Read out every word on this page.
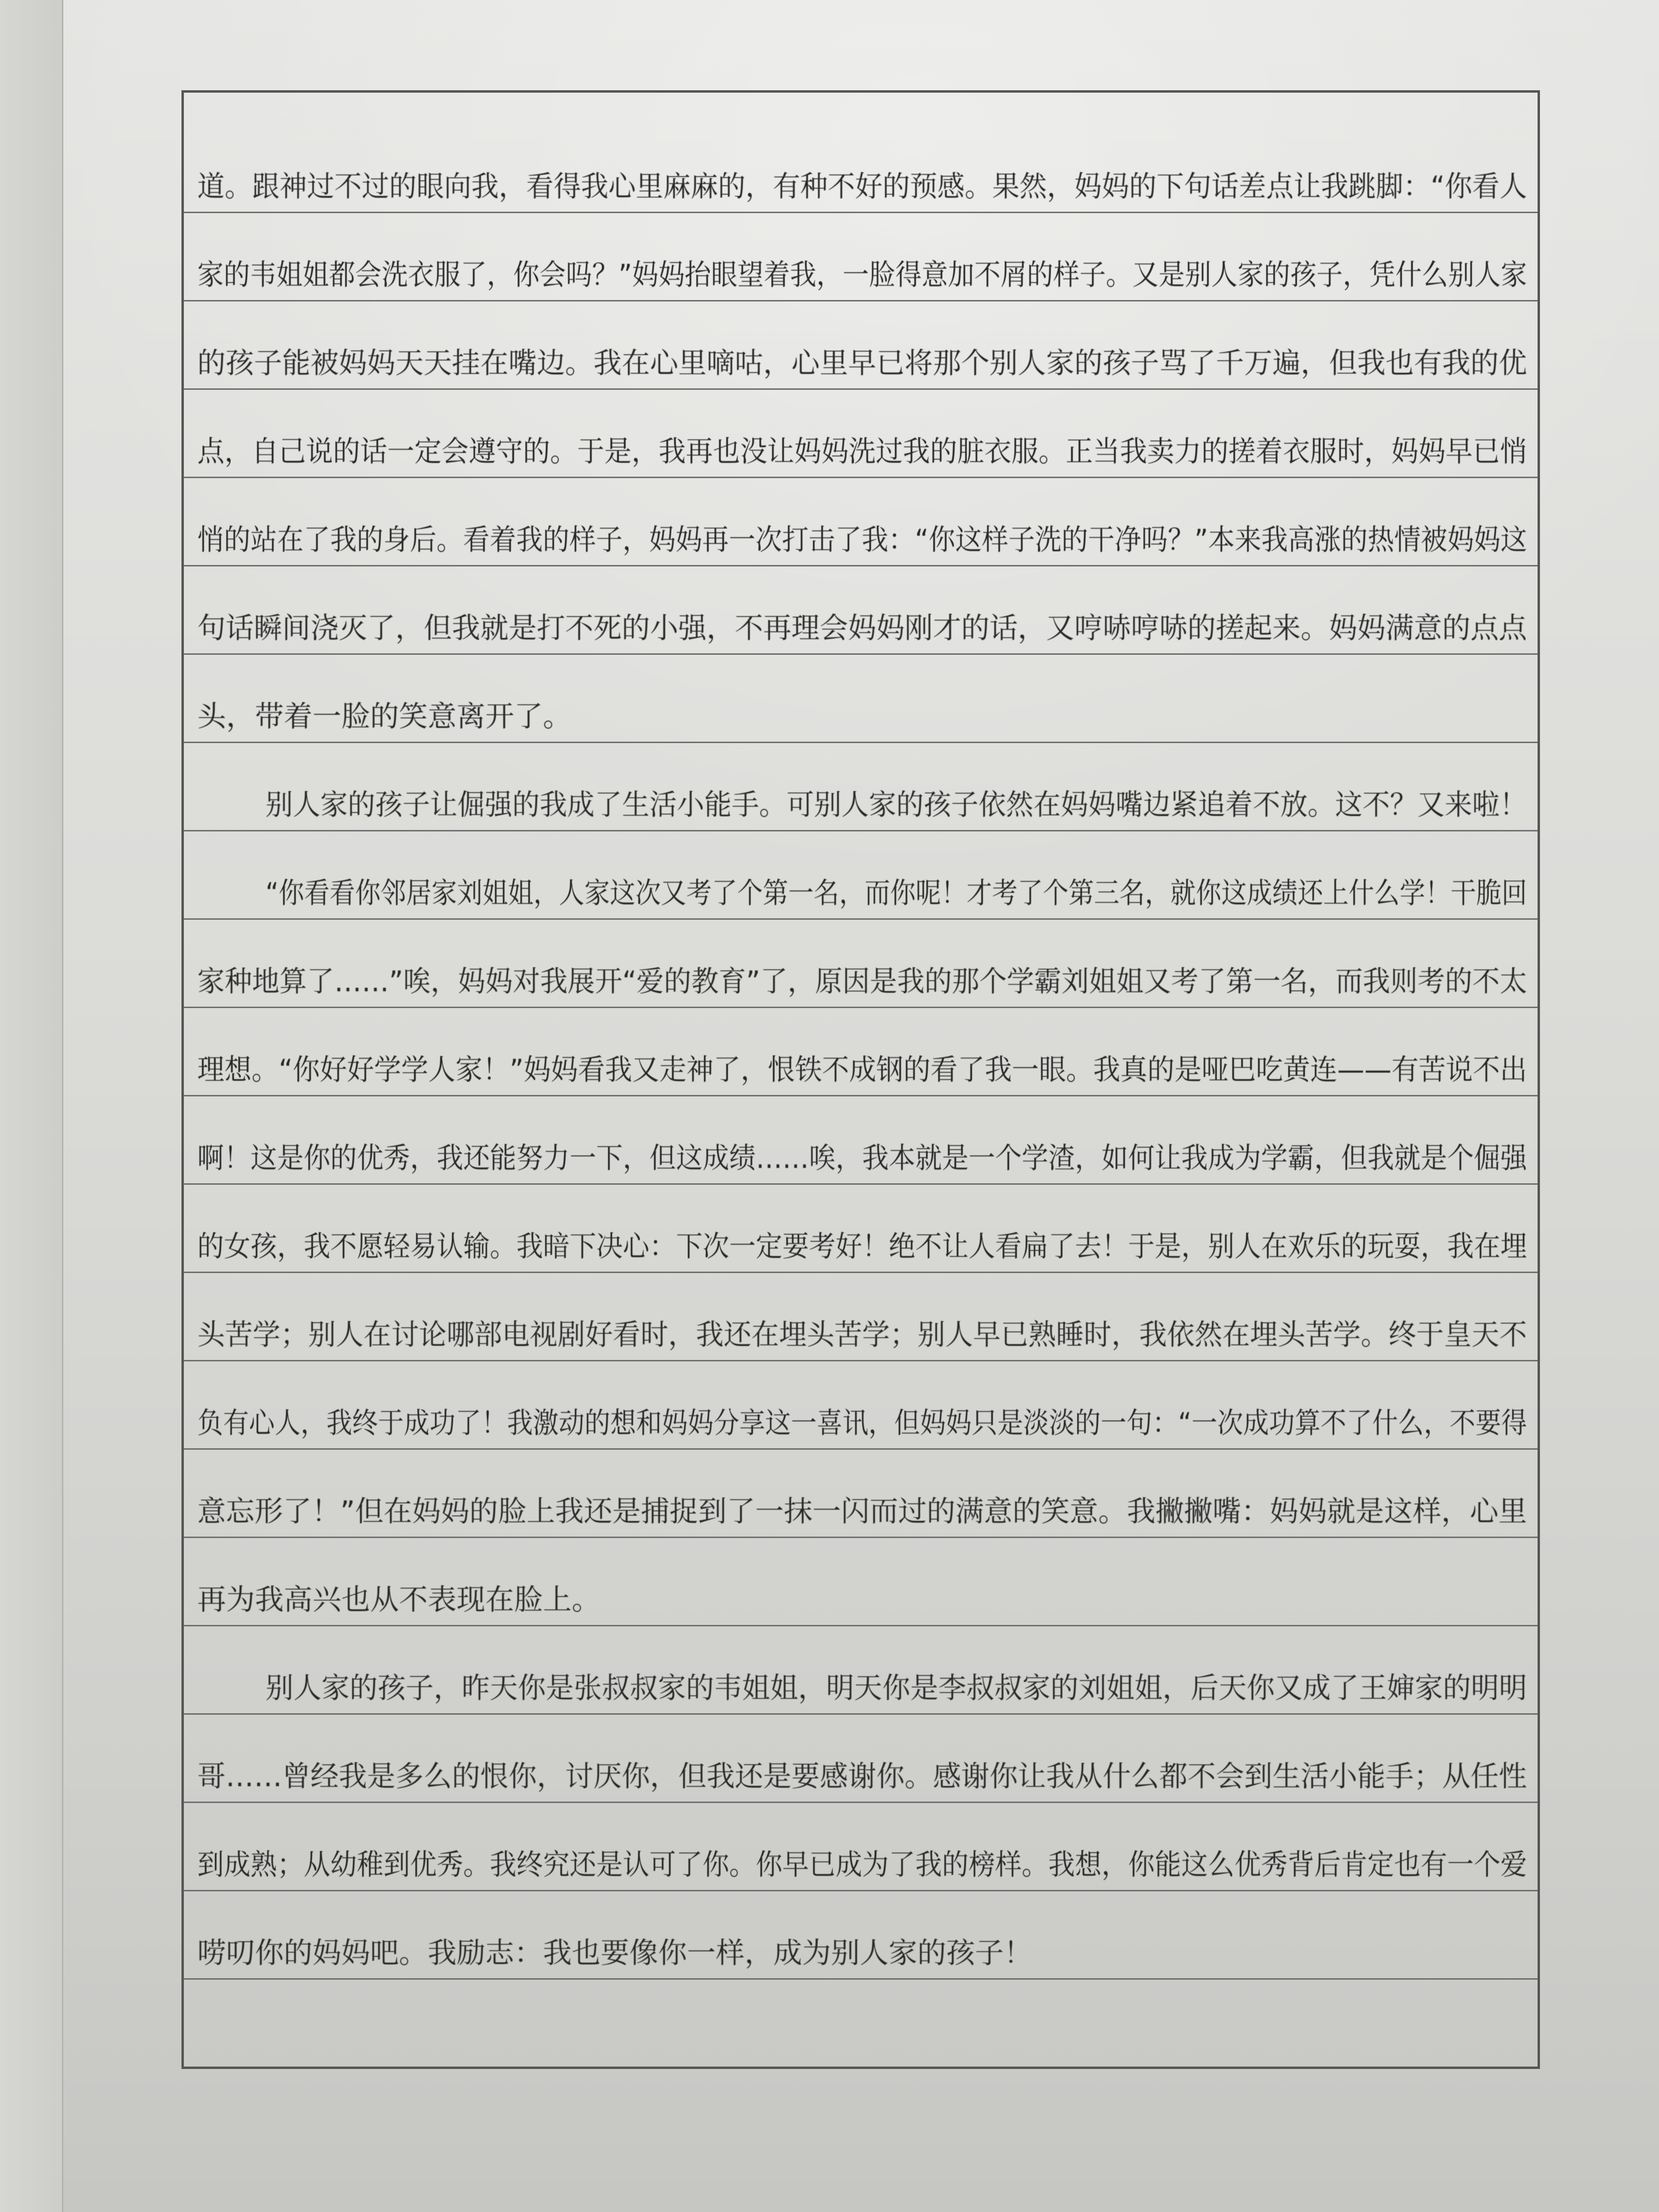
道。跟神过不过的眼向我，看得我心里麻麻的，有种不好的预感。果然，妈妈的下句话差点让我跳脚：“你看人
家的韦姐姐都会洗衣服了，你会吗？”妈妈抬眼望着我，一脸得意加不屑的样子。又是别人家的孩子，凭什么别人家
的孩子能被妈妈天天挂在嘴边。我在心里嘀咕，心里早已将那个别人家的孩子骂了千万遍，但我也有我的优
点，自己说的话一定会遵守的。于是，我再也没让妈妈洗过我的脏衣服。正当我卖力的搓着衣服时，妈妈早已悄
悄的站在了我的身后。看着我的样子，妈妈再一次打击了我：“你这样子洗的干净吗？”本来我高涨的热情被妈妈这
句话瞬间浇灭了，但我就是打不死的小强，不再理会妈妈刚才的话，又哼哧哼哧的搓起来。妈妈满意的点点
头，带着一脸的笑意离开了。
别人家的孩子让倔强的我成了生活小能手。可别人家的孩子依然在妈妈嘴边紧追着不放。这不？又来啦！
“你看看你邻居家刘姐姐，人家这次又考了个第一名，而你呢！才考了个第三名，就你这成绩还上什么学！干脆回
家种地算了……”唉，妈妈对我展开“爱的教育”了，原因是我的那个学霸刘姐姐又考了第一名，而我则考的不太
理想。“你好好学学人家！”妈妈看我又走神了，恨铁不成钢的看了我一眼。我真的是哑巴吃黄连——有苦说不出
啊！这是你的优秀，我还能努力一下，但这成绩……唉，我本就是一个学渣，如何让我成为学霸，但我就是个倔强
的女孩，我不愿轻易认输。我暗下决心：下次一定要考好！绝不让人看扁了去！于是，别人在欢乐的玩耍，我在埋
头苦学；别人在讨论哪部电视剧好看时，我还在埋头苦学；别人早已熟睡时，我依然在埋头苦学。终于皇天不
负有心人，我终于成功了！我激动的想和妈妈分享这一喜讯，但妈妈只是淡淡的一句：“一次成功算不了什么，不要得
意忘形了！”但在妈妈的脸上我还是捕捉到了一抹一闪而过的满意的笑意。我撇撇嘴：妈妈就是这样，心里
再为我高兴也从不表现在脸上。
别人家的孩子，昨天你是张叔叔家的韦姐姐，明天你是李叔叔家的刘姐姐，后天你又成了王婶家的明明
哥……曾经我是多么的恨你，讨厌你，但我还是要感谢你。感谢你让我从什么都不会到生活小能手；从任性
到成熟；从幼稚到优秀。我终究还是认可了你。你早已成为了我的榜样。我想，你能这么优秀背后肯定也有一个爱
唠叨你的妈妈吧。我励志：我也要像你一样，成为别人家的孩子！
